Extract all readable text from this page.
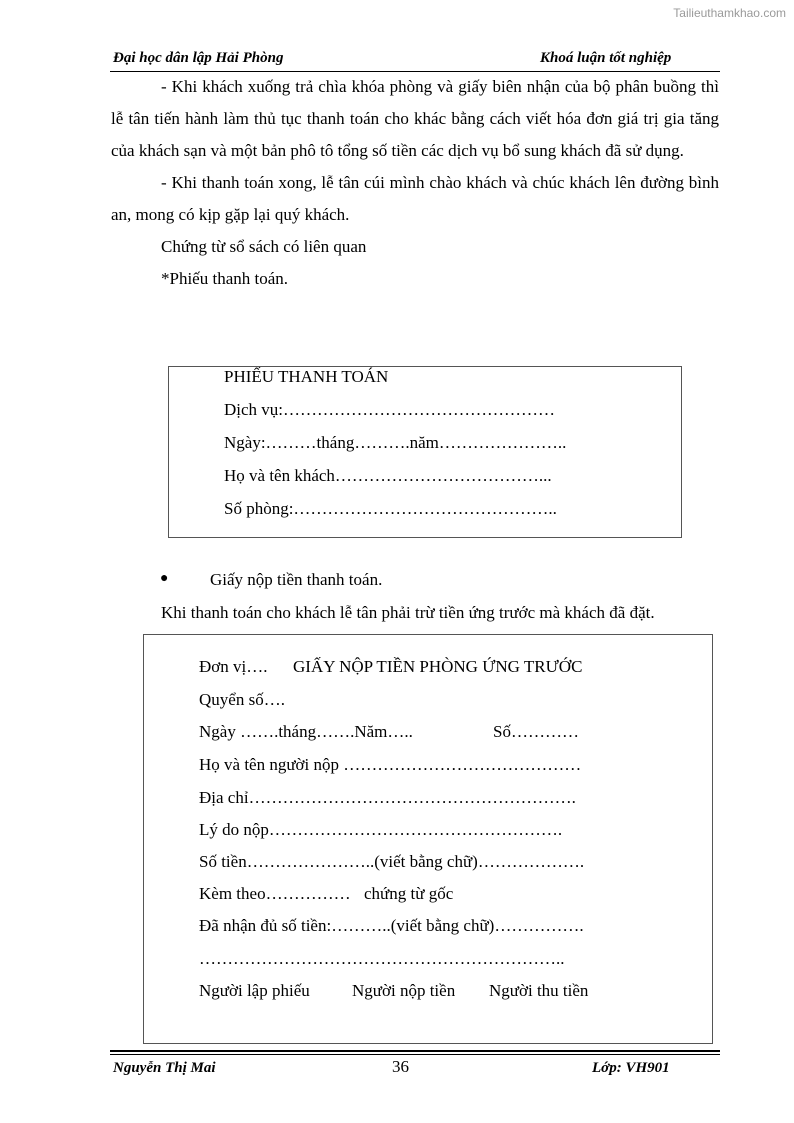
Tailieuthamkhao.com
Đại học dân lập Hải Phòng	Khoá luận tốt nghiệp

- Khi khách xuống trả chìa khóa phòng và giấy biên nhận của bộ phân buồng thì lễ tân tiến hành làm thủ tục thanh toán cho khác bằng cách viết hóa đơn giá trị gia tăng của khách sạn và một bản phô tô tổng số tiền các dịch vụ bổ sung khách đã sử dụng.

- Khi thanh toán xong, lễ tân cúi mình chào khách và chúc khách lên đường bình an, mong có kịp gặp lại quý khách.

Chứng từ sổ sách có liên quan

*Phiếu thanh toán.

PHIẾU THANH TOÁN
Dịch vụ:…………………………………………
Ngày:………tháng……….năm…………………..
Họ và tên khách………………………………...
Số phòng:………………………………………..
● Giấy nộp tiền thanh toán.
Khi thanh toán cho khách lễ tân phải trừ tiền ứng trước mà khách đã đặt.
Đơn vị…. GIẤY NỘP TIỀN PHÒNG ỨNG TRƯỚC
Quyển số….
Ngày …….tháng…….Năm…..	Số…………
Họ và tên người nộp ……………………………………
Địa chỉ………………………………………………….
Lý do nộp…………………………………………….
Số tiền…………………..(viết bằng chữ)……………….
Kèm theo…………… chứng từ gốc
Đã nhận đủ số tiền:………..(viết bằng chữ)…………….
………………………………………………………..
Người lập phiếu Người nộp tiền Người thu tiền
Nguyễn Thị Mai	36	Lớp: VH901
